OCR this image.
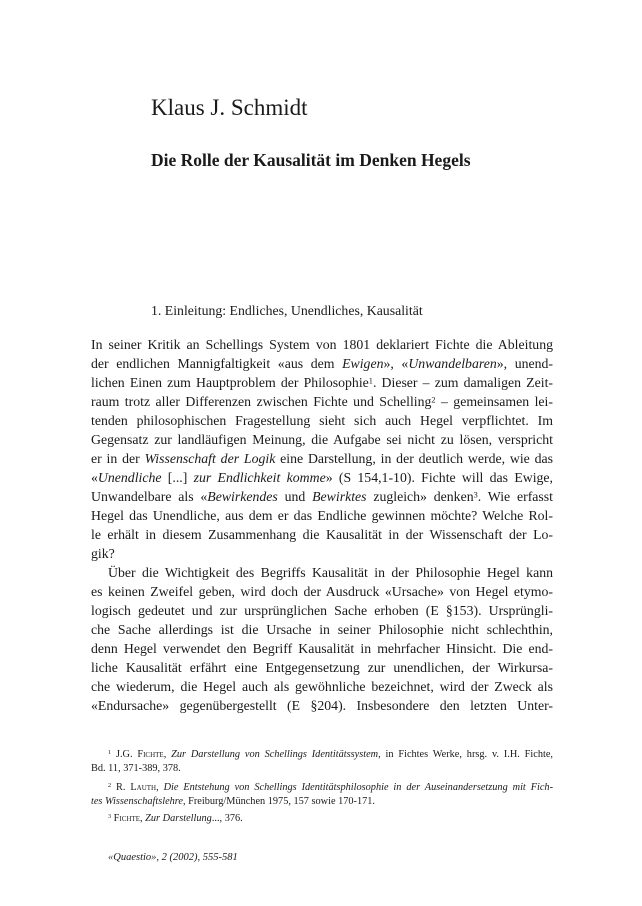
Klaus J. Schmidt
Die Rolle der Kausalität im Denken Hegels
1. Einleitung: Endliches, Unendliches, Kausalität
In seiner Kritik an Schellings System von 1801 deklariert Fichte die Ableitung
der endlichen Mannigfaltigkeit «aus dem Ewigen», «Unwandelbaren», unend-
lichen Einen zum Hauptproblem der Philosophie$^1$. Dieser – zum damaligen Zeit-
raum trotz aller Differenzen zwischen Fichte und Schelling$^2$ – gemeinsamen lei-
tenden philosophischen Fragestellung sieht sich auch Hegel verpflichtet. Im
Gegensatz zur landläufigen Meinung, die Aufgabe sei nicht zu lösen, verspricht
er in der Wissenschaft der Logik eine Darstellung, in der deutlich werde, wie das
«Unendliche [...] zur Endlichkeit komme» (S 154,1-10). Fichte will das Ewige,
Unwandelbare als «Bewirkendes und Bewirktes zugleich» denken$^3$. Wie erfasst
Hegel das Unendliche, aus dem er das Endliche gewinnen möchte? Welche Rol-
le erhält in diesem Zusammenhang die Kausalität in der Wissenschaft der Lo-
gik?
Über die Wichtigkeit des Begriffs Kausalität in der Philosophie Hegel kann
es keinen Zweifel geben, wird doch der Ausdruck «Ursache» von Hegel etymo-
logisch gedeutet und zur ursprünglichen Sache erhoben (E §153). Ursprüngli-
che Sache allerdings ist die Ursache in seiner Philosophie nicht schlechthin,
denn Hegel verwendet den Begriff Kausalität in mehrfacher Hinsicht. Die end-
liche Kausalität erfährt eine Entgegensetzung zur unendlichen, der Wirkursa-
che wiederum, die Hegel auch als gewöhnliche bezeichnet, wird der Zweck als
«Endursache» gegenübergestellt (E §204). Insbesondere den letzten Unter-
$^1$ J.G. Fichte, Zur Darstellung von Schellings Identitätssystem, in Fichtes Werke, hrsg. v. I.H. Fichte,
Bd. 11, 371-389, 378.
$^2$ R. Lauth, Die Entstehung von Schellings Identitätsphilosophie in der Auseinandersetzung mit Fich-
tes Wissenschaftslehre, Freiburg/München 1975, 157 sowie 170-171.
$^3$ Fichte, Zur Darstellung..., 376.
«Quaestio», 2 (2002), 555-581
